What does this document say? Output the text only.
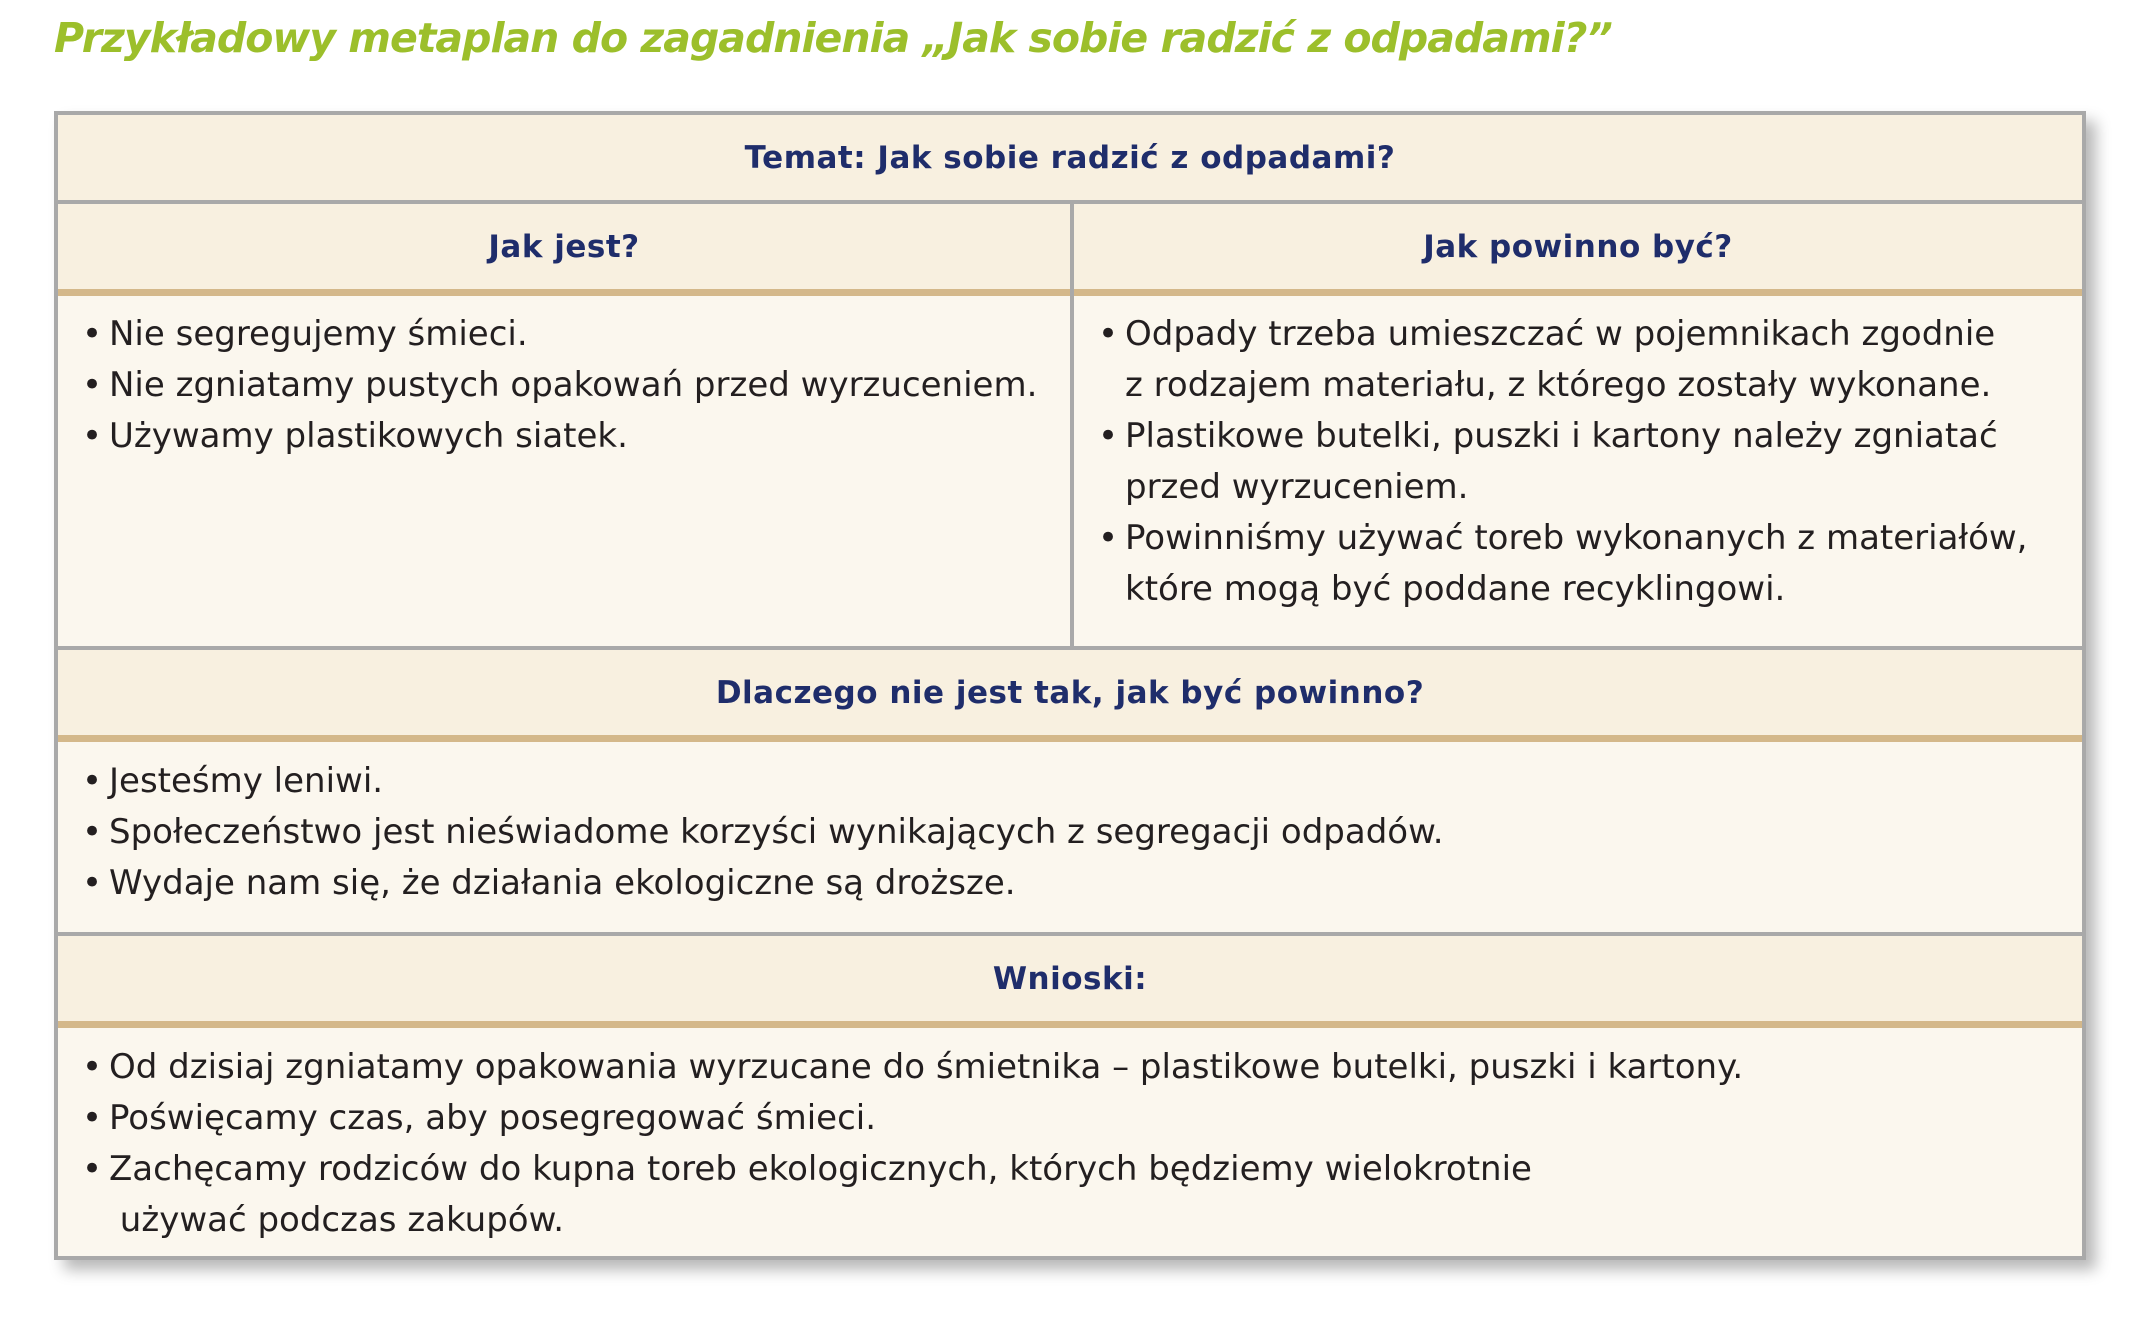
Przykładowy metaplan do zagadnienia „Jak sobie radzić z odpadami?”
Temat: Jak sobie radzić z odpadami?
Jak jest?	Jak powinno być?
• Nie segregujemy śmieci.
• Nie zgniatamy pustych opakowań przed wyrzuceniem.
• Używamy plastikowych siatek.
• Odpady trzeba umieszczać w pojemnikach zgodnie
z rodzajem materiału, z którego zostały wykonane.
• Plastikowe butelki, puszki i kartony należy zgniatać
przed wyrzuceniem.
• Powinniśmy używać toreb wykonanych z materiałów,
które mogą być poddane recyklingowi.
Dlaczego nie jest tak, jak być powinno?
• Jesteśmy leniwi.
• Społeczeństwo jest nieświadome korzyści wynikających z segregacji odpadów.
• Wydaje nam się, że działania ekologiczne są droższe.
Wnioski:
• Od dzisiaj zgniatamy opakowania wyrzucane do śmietnika – plastikowe butelki, puszki i kartony.
• Poświęcamy czas, aby posegregować śmieci.
• Zachęcamy rodziców do kupna toreb ekologicznych, których będziemy wielokrotnie
używać podczas zakupów.
